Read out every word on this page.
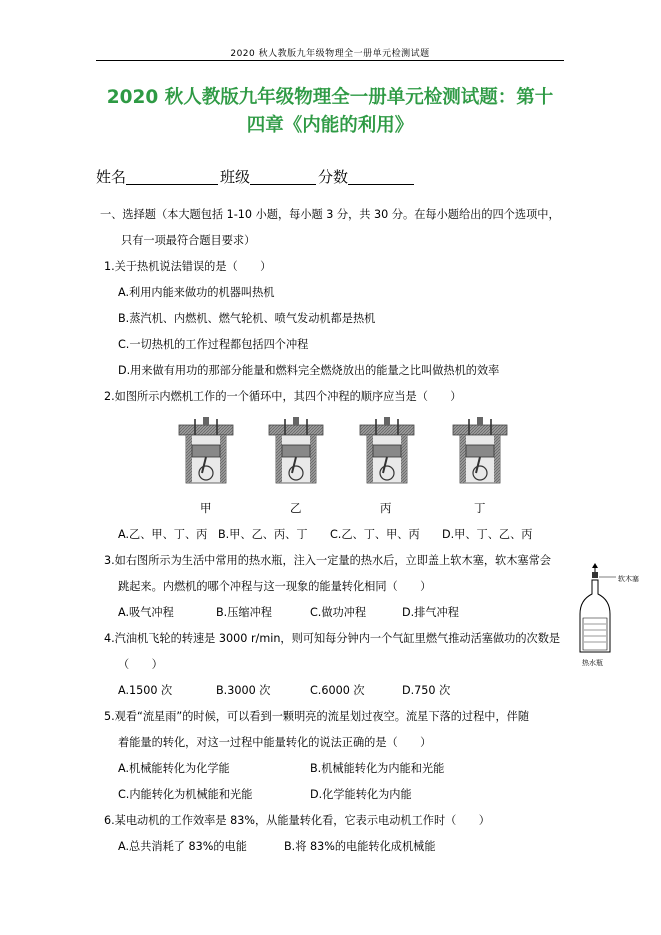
2020 秋人教版九年级物理全一册单元检测试题
2020 秋人教版九年级物理全一册单元检测试题：第十
四章《内能的利用》
姓名	班级	分数
一、选择题（本大题包括 1-10 小题，每小题 3 分，共 30 分。在每小题给出的四个选项中，
只有一项最符合题目要求）
1.关于热机说法错误的是（　　）
A.利用内能来做功的机器叫热机
B.蒸汽机、内燃机、燃气轮机、喷气发动机都是热机
C.一切热机的工作过程都包括四个冲程
D.用来做有用功的那部分能量和燃料完全燃烧放出的能量之比叫做热机的效率
2.如图所示内燃机工作的一个循环中，其四个冲程的顺序应当是（　　）
甲	乙	丙	丁
A.乙、甲、丁、丙 B.甲、乙、丙、丁 C.乙、丁、甲、丙 D.甲、丁、乙、丙
3.如右图所示为生活中常用的热水瓶，注入一定量的热水后，立即盖上软木塞，软木塞常会
跳起来。内燃机的哪个冲程与这一现象的能量转化相同（　　）
A.吸气冲程	B.压缩冲程	C.做功冲程	D.排气冲程
软木塞
热水瓶
4.汽油机飞轮的转速是 3000 r/min，则可知每分钟内一个气缸里燃气推动活塞做功的次数是
（　　）
A.1500 次	B.3000 次	C.6000 次	D.750 次
5.观看“流星雨”的时候，可以看到一颗明亮的流星划过夜空。流星下落的过程中，伴随
着能量的转化，对这一过程中能量转化的说法正确的是（　　）
A.机械能转化为化学能	B.机械能转化为内能和光能
C.内能转化为机械能和光能	D.化学能转化为内能
6.某电动机的工作效率是 83%，从能量转化看，它表示电动机工作时（　　）
A.总共消耗了 83%的电能	B.将 83%的电能转化成机械能
